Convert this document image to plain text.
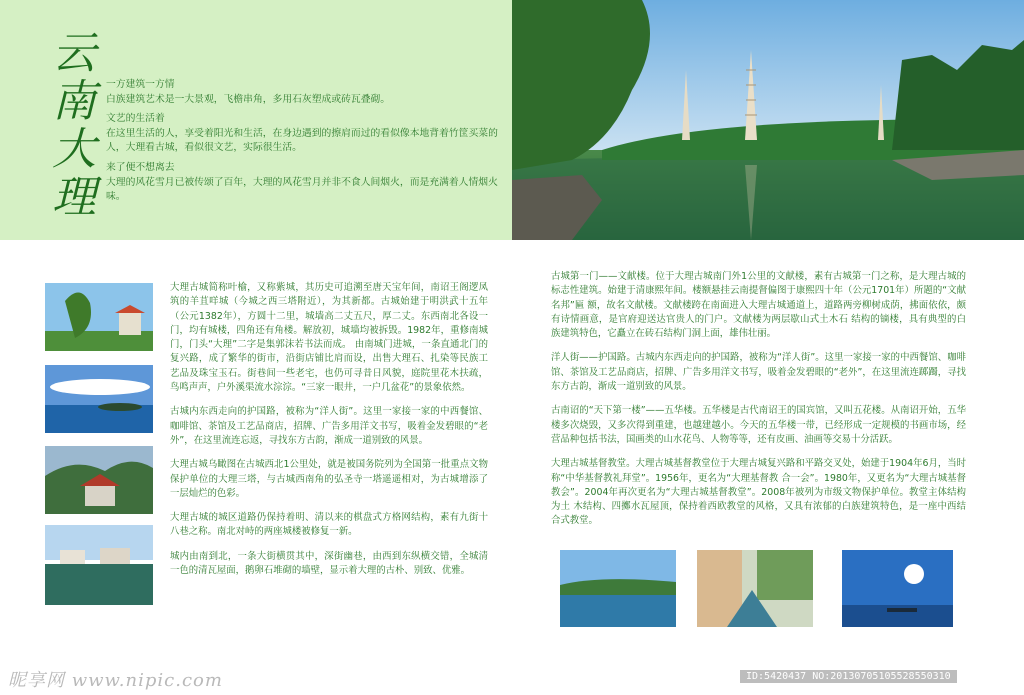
云
南
大
理

一方建筑一方情
白族建筑艺术是一大景观，飞檐串角，多用石灰塑成或砖瓦叠砌。

文艺的生活着
在这里生活的人，享受着阳光和生活，在身边遇到的擦肩而过的看似像本地背着竹筐买菜的人，大理看古城，看似很文艺，实际很生活。

来了便不想离去
大理的风花雪月已被传颂了百年，大理的风花雪月并非不食人间烟火，而是充满着人情烟火味。

大理古城简称叶榆，又称紫城，其历史可追溯至唐天宝年间，南诏王阁逻凤筑的羊苴咩城（今城之西三塔附近），为其新都。古城始建于明洪武十五年（公元1382年），方圆十二里，城墙高二丈五尺，厚二丈。东西南北各设一门，均有城楼，四角还有角楼。解放初，城墙均被拆毁。1982年，重修南城门，门头“大理”二字是集郭沫若书法而成。 由南城门进城，一条直通北门的复兴路，成了繁华的街市，沿街店铺比肩而设，出售大理石、扎染等民族工艺品及珠宝玉石。街巷间一些老宅，也仍可寻昔日风貌，庭院里花木扶疏，鸟鸣声声，户外溪渠流水淙淙。“三家一眼井，一户几盆花”的景象依然。

古城内东西走向的护国路，被称为“洋人街”。这里一家接一家的中西餐馆、咖啡馆、茶馆及工艺品商店，招牌、广告多用洋文书写，吸着金发碧眼的“老外”，在这里流连忘返，寻找东方古韵，渐成一道别致的风景。

大理古城乌瞰图在古城西北1公里处，就是被国务院列为全国第一批重点文物保护单位的大理三塔，与古城西南角的弘圣寺一塔遥遥相对，为古城增添了一层灿烂的色彩。

大理古城的城区道路仍保持着明、清以来的棋盘式方格网结构，素有九街十八巷之称。南北对峙的两座城楼被修复一新。

城内由南到北，一条大街横贯其中，深街幽巷，由西到东纵横交错，全城清一色的清瓦屋面，鹅卵石堆砌的墙壁，显示着大理的古朴、别致、优雅。

古城第一门——文献楼。位于大理古城南门外1公里的文献楼，素有古城第一门之称，是大理古城的标志性建筑。始建于清康熙年间。楼额悬挂云南提督偏图于康熙四十年（公元1701年）所题的“文献名邦”匾 额，故名文献楼。文献楼跨在南面进入大理古城通道上，道路两旁柳树成荫，拂面依依，颇有诗情画意，是官府迎送达官贵人的门户。文献楼为两层歇山式土木石 结构的镝楼，具有典型的白族建筑特色，它矗立在砖石结构门洞上面，雄伟壮丽。

洋人街——护国路。古城内东西走向的护国路，被称为“洋人街”。这里一家接一家的中西餐馆、咖啡馆、茶馆及工艺品商店，招牌、广告多用洋文书写，吸着金发碧眼的“老外”，在这里流连踯躅，寻找东方古韵，渐成一道别致的风景。

古南诏的“天下第一楼”——五华楼。五华楼是古代南诏王的国宾馆，又叫五花楼。从南诏开始，五华楼多次烧毁，又多次得到重建，也越建越小。今天的五华楼一带，已经形成一定规模的书画市场，经营品种包括书法，国画类的山水花鸟、人物等等，还有皮画、油画等交易十分活跃。

大理古城基督教堂。大理古城基督教堂位于大理古城复兴路和平路交叉处，始建于1904年6月，当时称“中华基督教礼拜堂”。1956年，更名为“大理基督教 合一会”。1980年，又更名为“大理古城基督教会”。2004年再次更名为“大理古城基督教堂”。2008年被列为市级文物保护单位。教堂主体结构为土 木结构、四擲水瓦屋顶，保持着西欧教堂的风格，又具有浓郁的白族建筑特色，是一座中西结合式教堂。

昵享网 www.nipic.com	ID:5420437 NO:20130705105528550310
